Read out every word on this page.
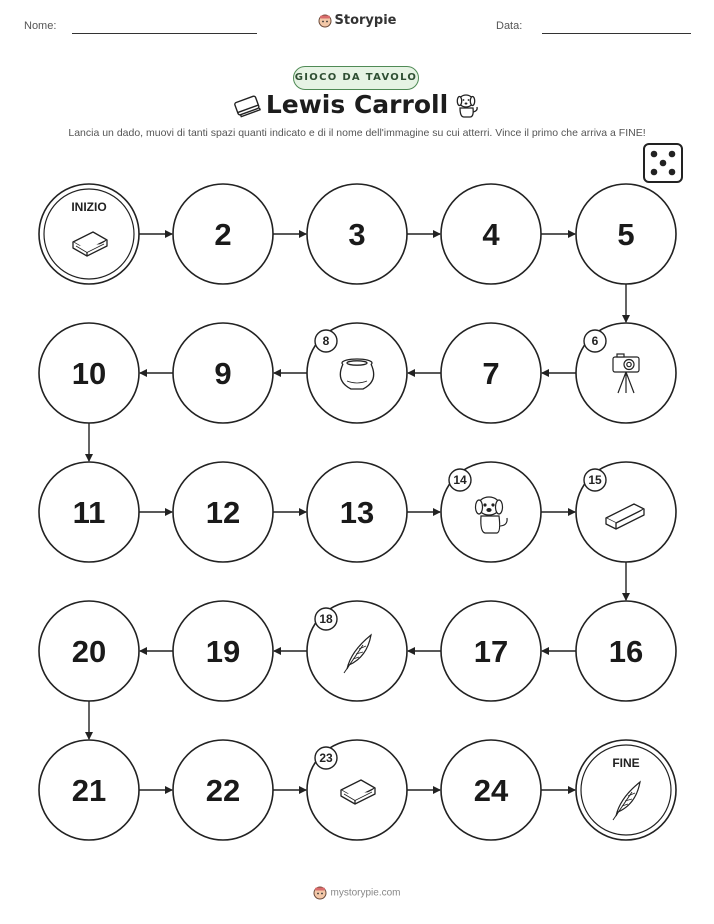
Nome:	Storypie	Data:
GIOCO DA TAVOLO
Lewis Carroll
Lancia un dado, muovi di tanti spazi quanti indicato e di il nome dell'immagine su cui atterri. Vince il primo che arriva a FINE!
INIZIO
2	3	4	5
6
7
8
9
10
11	12	13
14	15
16
17
18
19
20
21	22
23
24
FINE
mystorypie.com
